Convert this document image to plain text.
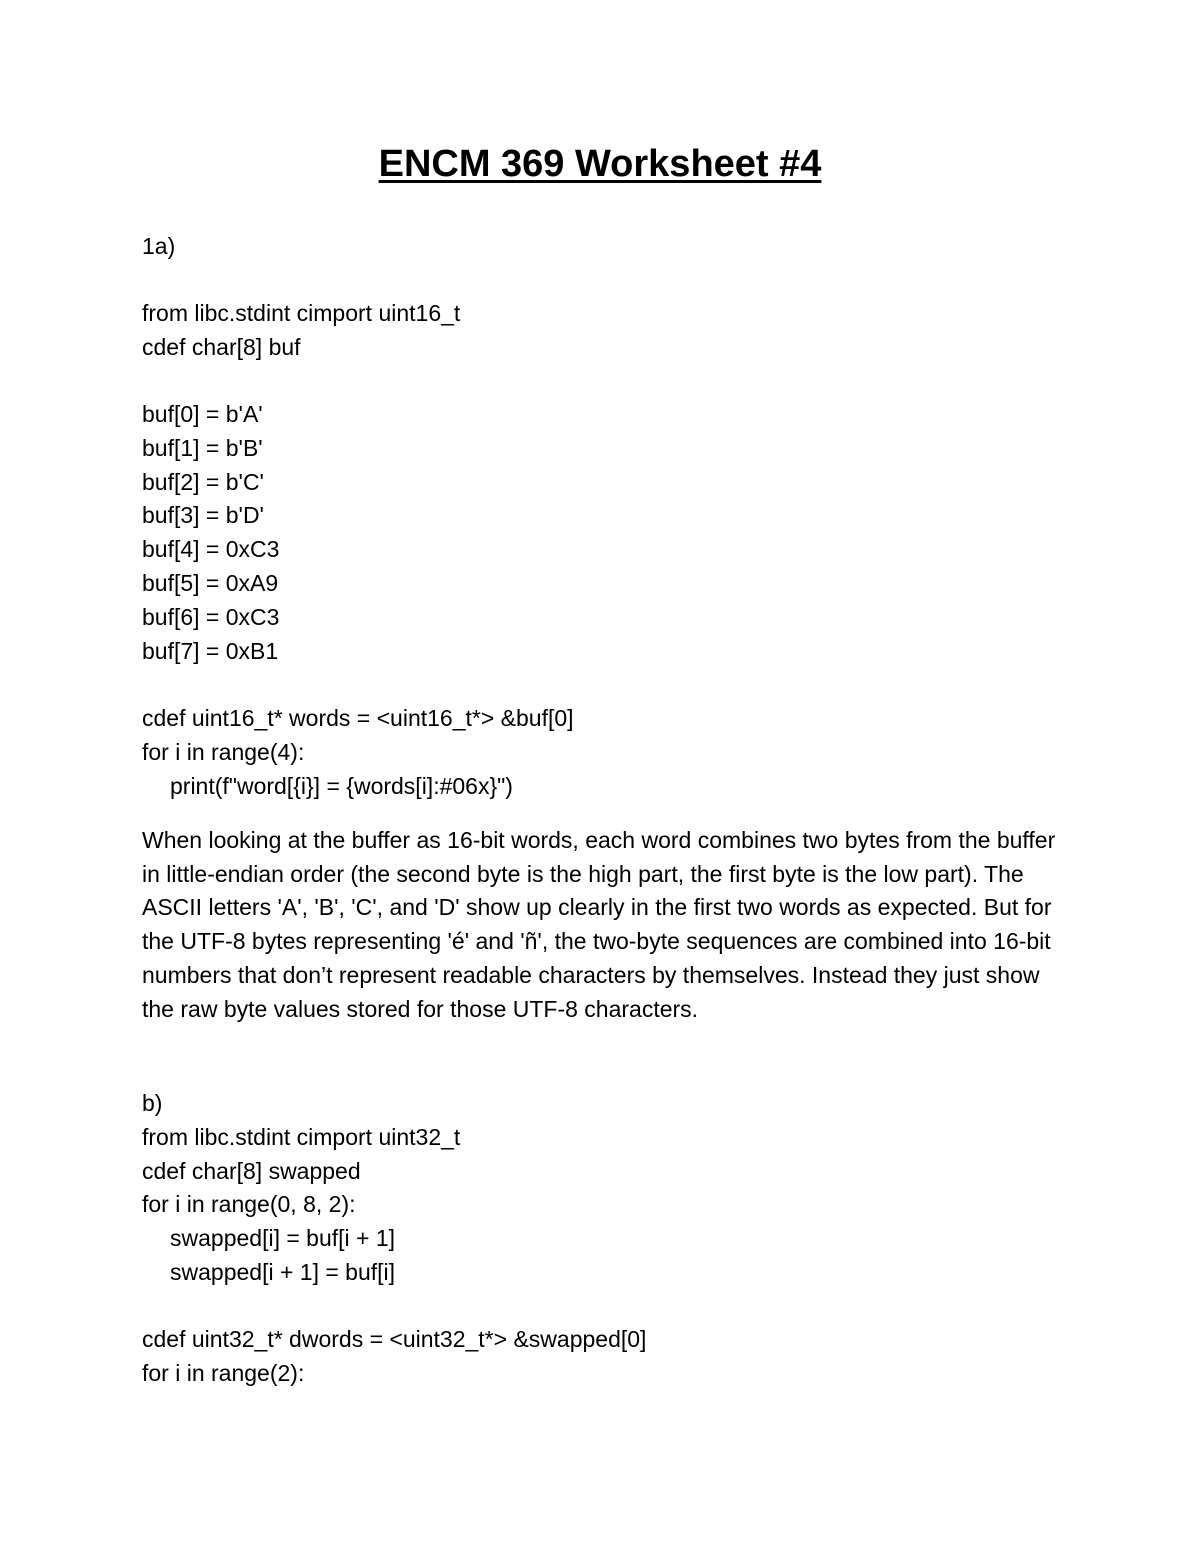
ENCM 369 Worksheet #4
1a)
from libc.stdint cimport uint16_t
cdef char[8] buf
buf[0] = b'A'
buf[1] = b'B'
buf[2] = b'C'
buf[3] = b'D'
buf[4] = 0xC3
buf[5] = 0xA9
buf[6] = 0xC3
buf[7] = 0xB1
cdef uint16_t* words = <uint16_t*> &buf[0]
for i in range(4):
print(f"word[{i}] = {words[i]:#06x}")
When looking at the buffer as 16-bit words, each word combines two bytes from the buffer in little-endian order (the second byte is the high part, the first byte is the low part). The ASCII letters 'A', 'B', 'C', and 'D' show up clearly in the first two words as expected. But for the UTF-8 bytes representing 'é' and 'ñ', the two-byte sequences are combined into 16-bit numbers that don’t represent readable characters by themselves. Instead they just show the raw byte values stored for those UTF-8 characters.
b)
from libc.stdint cimport uint32_t
cdef char[8] swapped
for i in range(0, 8, 2):
swapped[i] = buf[i + 1]
swapped[i + 1] = buf[i]
cdef uint32_t* dwords = <uint32_t*> &swapped[0]
for i in range(2):
